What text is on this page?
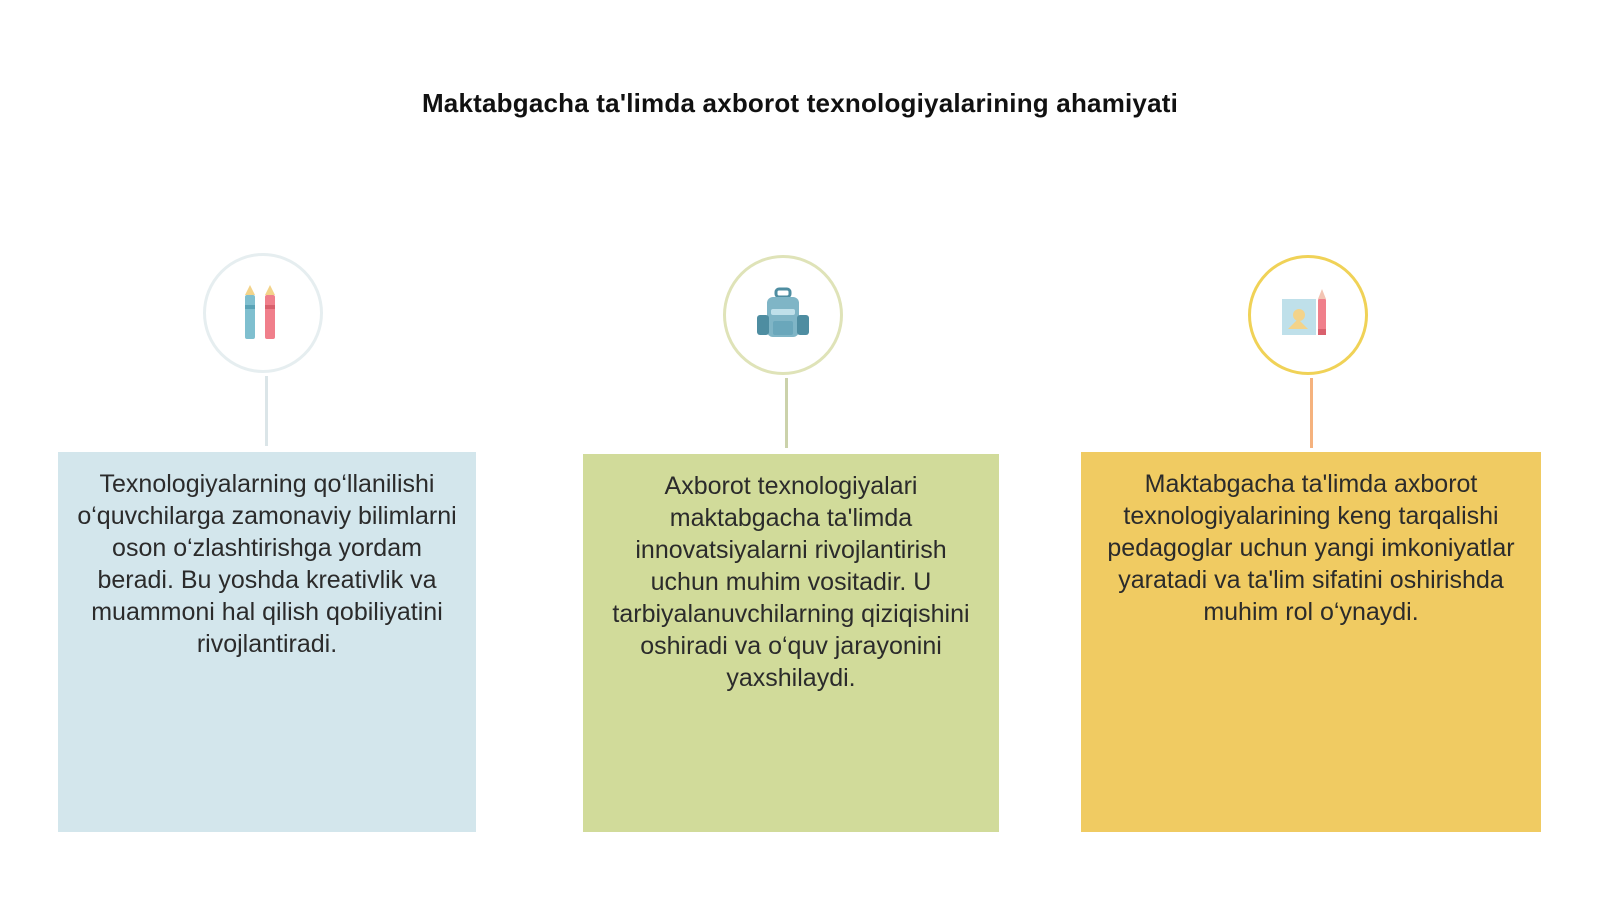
Maktabgacha ta'limda axborot texnologiyalarining ahamiyati
Texnologiyalarning qo‘llanilishi o‘quvchilarga zamonaviy bilimlarni oson o‘zlashtirishga yordam beradi. Bu yoshda kreativlik va muammoni hal qilish qobiliyatini rivojlantiradi.
Axborot texnologiyalari maktabgacha ta'limda innovatsiyalarni rivojlantirish uchun muhim vositadir. U tarbiyalanuvchilarning qiziqishini oshiradi va o‘quv jarayonini yaxshilaydi.
Maktabgacha ta'limda axborot texnologiyalarining keng tarqalishi pedagoglar uchun yangi imkoniyatlar yaratadi va ta'lim sifatini oshirishda muhim rol o‘ynaydi.
